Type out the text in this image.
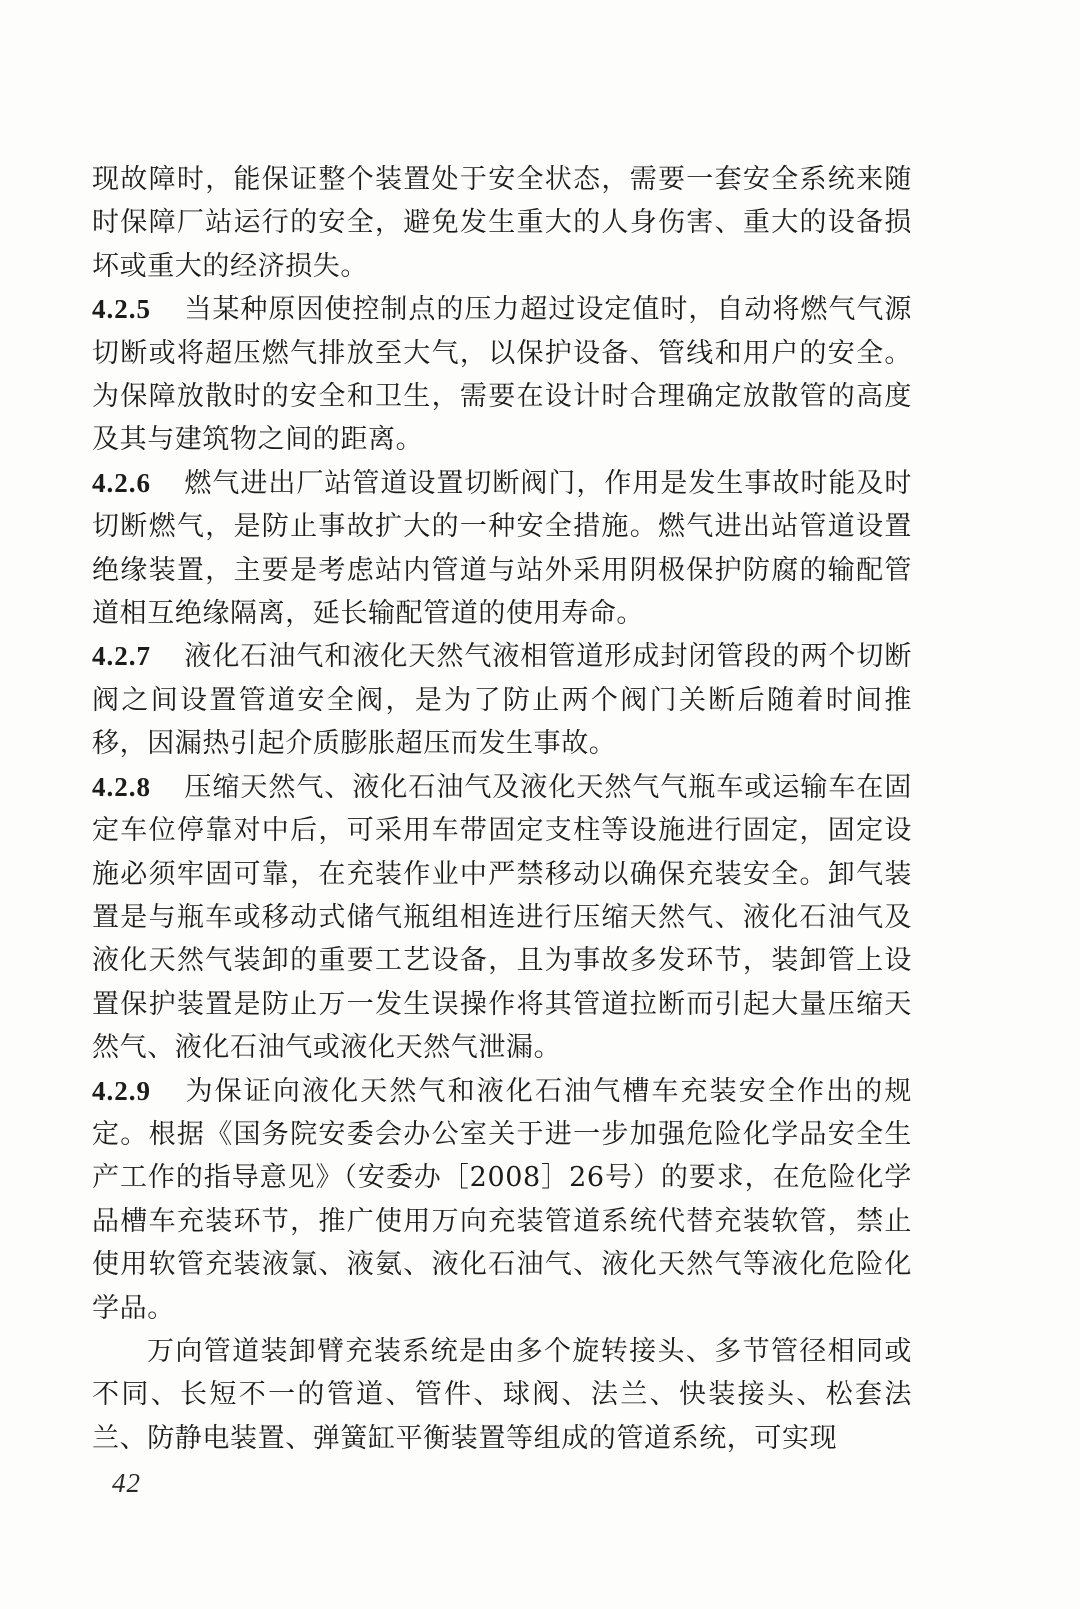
现故障时，能保证整个装置处于安全状态，需要一套安全系统来随时保障厂站运行的安全，避免发生重大的人身伤害、重大的设备损坏或重大的经济损失。

4.2.5 当某种原因使控制点的压力超过设定值时，自动将燃气气源切断或将超压燃气排放至大气，以保护设备、管线和用户的安全。为保障放散时的安全和卫生，需要在设计时合理确定放散管的高度及其与建筑物之间的距离。

4.2.6 燃气进出厂站管道设置切断阀门，作用是发生事故时能及时切断燃气，是防止事故扩大的一种安全措施。燃气进出站管道设置绝缘装置，主要是考虑站内管道与站外采用阴极保护防腐的输配管道相互绝缘隔离，延长输配管道的使用寿命。

4.2.7 液化石油气和液化天然气液相管道形成封闭管段的两个切断阀之间设置管道安全阀，是为了防止两个阀门关断后随着时间推移，因漏热引起介质膨胀超压而发生事故。

4.2.8 压缩天然气、液化石油气及液化天然气气瓶车或运输车在固定车位停靠对中后，可采用车带固定支柱等设施进行固定，固定设施必须牢固可靠，在充装作业中严禁移动以确保充装安全。卸气装置是与瓶车或移动式储气瓶组相连进行压缩天然气、液化石油气及液化天然气装卸的重要工艺设备，且为事故多发环节，装卸管上设置保护装置是防止万一发生误操作将其管道拉断而引起大量压缩天然气、液化石油气或液化天然气泄漏。

4.2.9 为保证向液化天然气和液化石油气槽车充装安全作出的规定。根据《国务院安委会办公室关于进一步加强危险化学品安全生产工作的指导意见》（安委办［2008］26号）的要求，在危险化学品槽车充装环节，推广使用万向充装管道系统代替充装软管，禁止使用软管充装液氯、液氨、液化石油气、液化天然气等液化危险化学品。

万向管道装卸臂充装系统是由多个旋转接头、多节管径相同或不同、长短不一的管道、管件、球阀、法兰、快装接头、松套法兰、防静电装置、弹簧缸平衡装置等组成的管道系统，可实现

42
